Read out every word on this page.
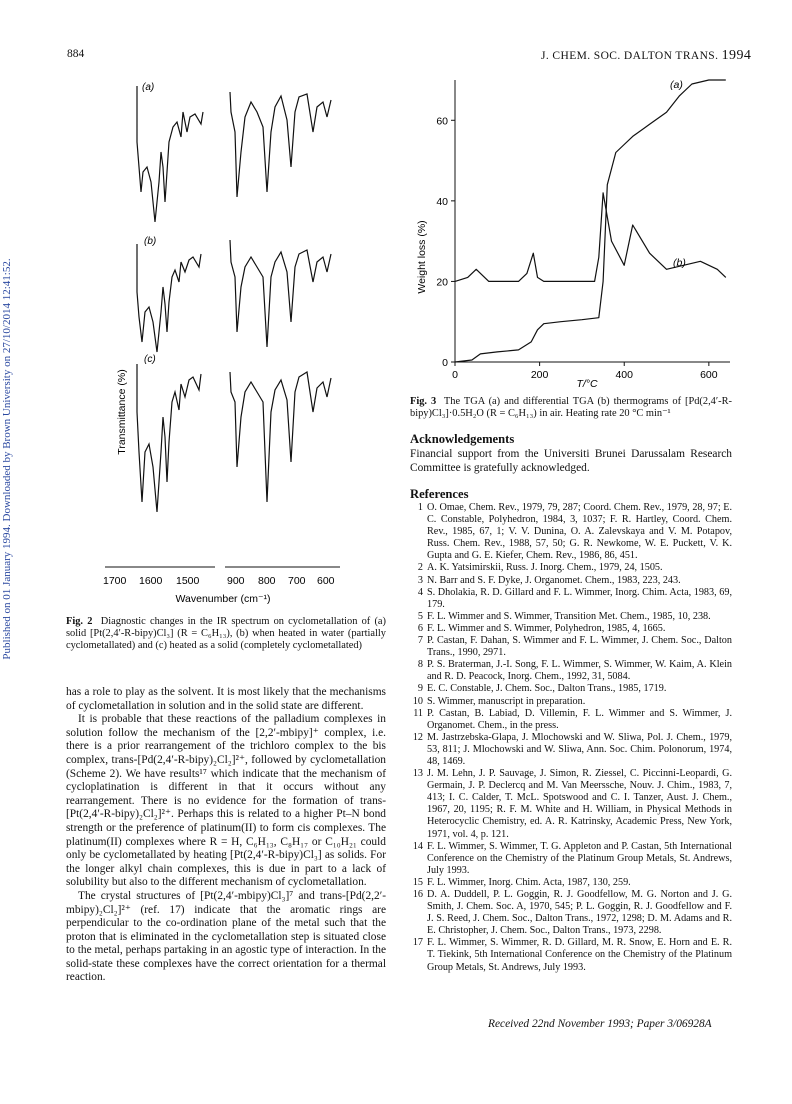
884	J. CHEM. SOC. DALTON TRANS. 1994
Published on 01 January 1994. Downloaded by Brown University on 27/10/2014 12:41:52.	Transmittance (%)
(a)
(b)
(c)
1700 1600 1500	900 800 700 600
Wavenumber (cm⁻¹)
Fig. 2 Diagnostic changes in the IR spectrum on cyclometallation of (a) solid [Pt(2,4′-R-bipy)Cl₃] (R = C₆H₁₃), (b) when heated in water (partially cyclometallated) and (c) heated as a solid (completely cyclometallated)

has a role to play as the solvent. It is most likely that the mechanisms of cyclometallation in solution and in the solid state are different.

It is probable that these reactions of the palladium complexes in solution follow the mechanism of the [2,2′-mbipy]⁺ complex, i.e. there is a prior rearrangement of the trichloro complex to the bis complex, trans-[Pd(2,4′-R-bipy)₂Cl₂]²⁺, followed by cyclometallation (Scheme 2). We have results¹⁷ which indicate that the mechanism of cycloplatination is different in that it occurs without any rearrangement. There is no evidence for the formation of trans-[Pt(2,4′-R-bipy)₂Cl₂]²⁺. Perhaps this is related to a higher Pt–N bond strength or the preference of platinum(II) to form cis complexes. The platinum(II) complexes where R = H, C₆H₁₃, C₈H₁₇ or C₁₀H₂₁ could only be cyclometallated by heating [Pt(2,4′-R-bipy)Cl₃] as solids. For the longer alkyl chain complexes, this is due in part to a lack of solubility but also to the different mechanism of cyclometallation.

The crystal structures of [Pt(2,4′-mbipy)Cl₃]⁷ and trans-[Pd(2,2′-mbipy)₂Cl₂]²⁺ (ref. 17) indicate that the aromatic rings are perpendicular to the co-ordination plane of the metal such that the proton that is eliminated in the cyclometallation step is situated close to the metal, perhaps partaking in an agostic type of interaction. In the solid-state these complexes have the correct orientation for a thermal reaction.

0
20
40
60
0	200	400	600
Weight loss (%)
T/°C
(a)
(b)
Fig. 3 The TGA (a) and differential TGA (b) thermograms of [Pd(2,4′-R-bipy)Cl₃]·0.5H₂O (R = C₆H₁₃) in air. Heating rate 20 °C min⁻¹
Acknowledgements
Financial support from the Universiti Brunei Darussalam Research Committee is gratefully acknowledged.
References
1 O. Omae, Chem. Rev., 1979, 79, 287; Coord. Chem. Rev., 1979, 28, 97; E. C. Constable, Polyhedron, 1984, 3, 1037; F. R. Hartley, Coord. Chem. Rev., 1985, 67, 1; V. V. Dunina, O. A. Zalevskaya and V. M. Potapov, Russ. Chem. Rev., 1988, 57, 50; G. R. Newkome, W. E. Puckett, V. K. Gupta and G. E. Kiefer, Chem. Rev., 1986, 86, 451.
2 A. K. Yatsimirskii, Russ. J. Inorg. Chem., 1979, 24, 1505.
3 N. Barr and S. F. Dyke, J. Organomet. Chem., 1983, 223, 243.
4 S. Dholakia, R. D. Gillard and F. L. Wimmer, Inorg. Chim. Acta, 1983, 69, 179.
5 F. L. Wimmer and S. Wimmer, Transition Met. Chem., 1985, 10, 238.
6 F. L. Wimmer and S. Wimmer, Polyhedron, 1985, 4, 1665.
7 P. Castan, F. Dahan, S. Wimmer and F. L. Wimmer, J. Chem. Soc., Dalton Trans., 1990, 2971.
8 P. S. Braterman, J.-I. Song, F. L. Wimmer, S. Wimmer, W. Kaim, A. Klein and R. D. Peacock, Inorg. Chem., 1992, 31, 5084.
9 E. C. Constable, J. Chem. Soc., Dalton Trans., 1985, 1719.
10 S. Wimmer, manuscript in preparation.
11 P. Castan, B. Labiad, D. Villemin, F. L. Wimmer and S. Wimmer, J. Organomet. Chem., in the press.
12 M. Jastrzebska-Glapa, J. Mlochowski and W. Sliwa, Pol. J. Chem., 1979, 53, 811; J. Mlochowski and W. Sliwa, Ann. Soc. Chim. Polonorum, 1974, 48, 1469.
13 J. M. Lehn, J. P. Sauvage, J. Simon, R. Ziessel, C. Piccinni-Leopardi, G. Germain, J. P. Declercq and M. Van Meerssche, Nouv. J. Chim., 1983, 7, 413; I. C. Calder, T. McL. Spotswood and C. I. Tanzer, Aust. J. Chem., 1967, 20, 1195; R. F. M. White and H. William, in Physical Methods in Heterocyclic Chemistry, ed. A. R. Katrinsky, Academic Press, New York, 1971, vol. 4, p. 121.
14 F. L. Wimmer, S. Wimmer, T. G. Appleton and P. Castan, 5th International Conference on the Chemistry of the Platinum Group Metals, St. Andrews, July 1993.
15 F. L. Wimmer, Inorg. Chim. Acta, 1987, 130, 259.
16 D. A. Duddell, P. L. Goggin, R. J. Goodfellow, M. G. Norton and J. G. Smith, J. Chem. Soc. A, 1970, 545; P. L. Goggin, R. J. Goodfellow and F. J. S. Reed, J. Chem. Soc., Dalton Trans., 1972, 1298; D. M. Adams and R. E. Christopher, J. Chem. Soc., Dalton Trans., 1973, 2298.
17 F. L. Wimmer, S. Wimmer, R. D. Gillard, M. R. Snow, E. Horn and E. R. T. Tiekink, 5th International Conference on the Chemistry of the Platinum Group Metals, St. Andrews, July 1993.
Received 22nd November 1993; Paper 3/06928A
